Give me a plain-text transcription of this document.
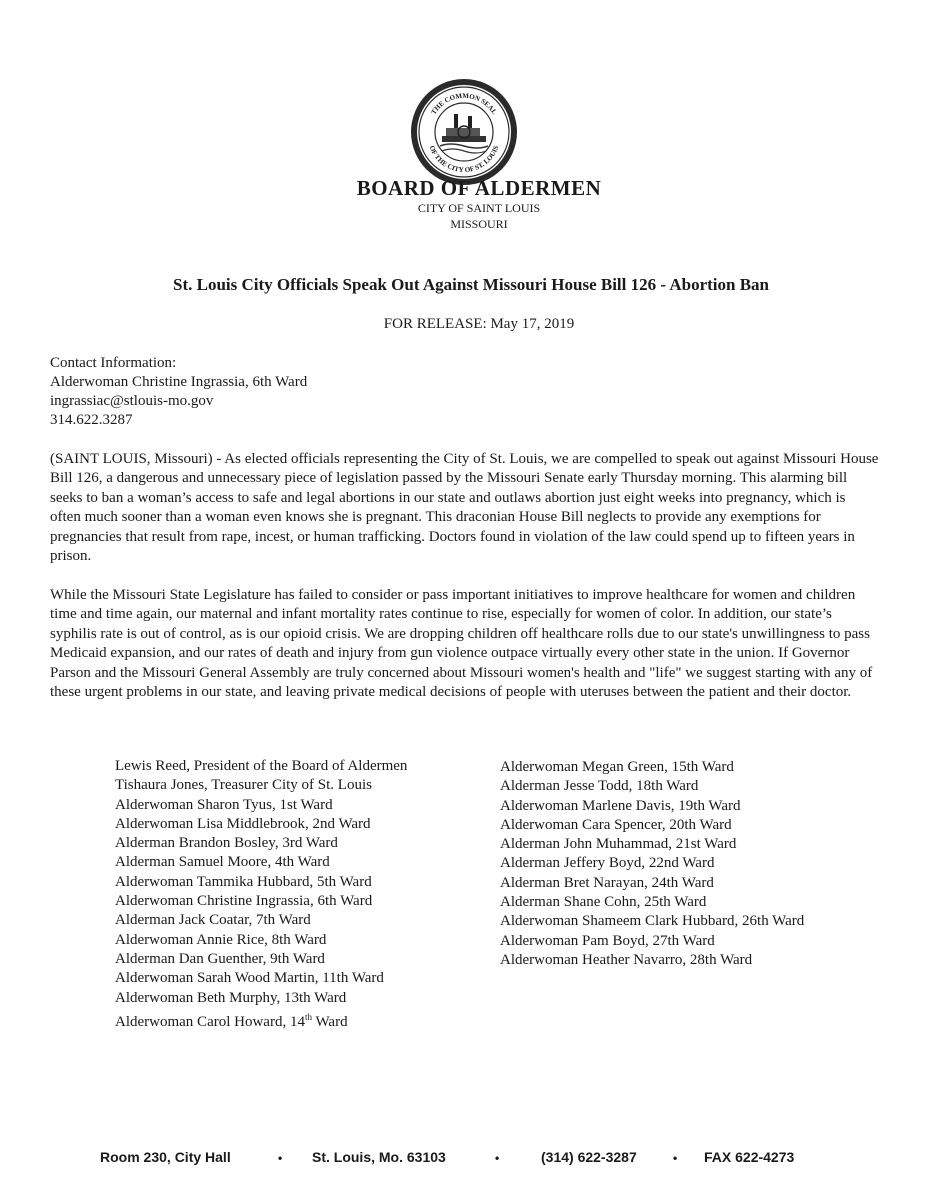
THE COMMON SEAL
OF THE CITY OF ST. LOUIS
BOARD OF ALDERMEN
CITY OF SAINT LOUIS
MISSOURI
St. Louis City Officials Speak Out Against Missouri House Bill 126 - Abortion Ban
FOR RELEASE: May 17, 2019
Contact Information:
Alderwoman Christine Ingrassia, 6th Ward
ingrassiac@stlouis-mo.gov
314.622.3287
(SAINT LOUIS, Missouri) - As elected officials representing the City of St. Louis, we are compelled to speak out against Missouri House Bill 126, a dangerous and unnecessary piece of legislation passed by the Missouri Senate early Thursday morning. This alarming bill seeks to ban a woman’s access to safe and legal abortions in our state and outlaws abortion just eight weeks into pregnancy, which is often much sooner than a woman even knows she is pregnant. This draconian House Bill neglects to provide any exemptions for pregnancies that result from rape, incest, or human trafficking. Doctors found in violation of the law could spend up to fifteen years in prison.
While the Missouri State Legislature has failed to consider or pass important initiatives to improve healthcare for women and children time and time again, our maternal and infant mortality rates continue to rise, especially for women of color. In addition, our state’s syphilis rate is out of control, as is our opioid crisis. We are dropping children off healthcare rolls due to our state's unwillingness to pass Medicaid expansion, and our rates of death and injury from gun violence outpace virtually every other state in the union. If Governor Parson and the Missouri General Assembly are truly concerned about Missouri women's health and "life" we suggest starting with any of these urgent problems in our state, and leaving private medical decisions of people with uteruses between the patient and their doctor.
Lewis Reed, President of the Board of Aldermen
Tishaura Jones, Treasurer City of St. Louis
Alderwoman Sharon Tyus, 1st Ward
Alderwoman Lisa Middlebrook, 2nd Ward
Alderman Brandon Bosley, 3rd Ward
Alderman Samuel Moore, 4th Ward
Alderwoman Tammika Hubbard, 5th Ward
Alderwoman Christine Ingrassia, 6th Ward
Alderman Jack Coatar, 7th Ward
Alderwoman Annie Rice, 8th Ward
Alderman Dan Guenther, 9th Ward
Alderwoman Sarah Wood Martin, 11th Ward
Alderwoman Beth Murphy, 13th Ward
Alderwoman Carol Howard, 14th Ward
Alderwoman Megan Green, 15th Ward
Alderman Jesse Todd, 18th Ward
Alderwoman Marlene Davis, 19th Ward
Alderwoman Cara Spencer, 20th Ward
Alderman John Muhammad, 21st Ward
Alderman Jeffery Boyd, 22nd Ward
Alderman Bret Narayan, 24th Ward
Alderman Shane Cohn, 25th Ward
Alderwoman Shameem Clark Hubbard, 26th Ward
Alderwoman Pam Boyd, 27th Ward
Alderwoman Heather Navarro, 28th Ward
Room 230, City Hall	• St. Louis, Mo. 63103	•	(314) 622-3287	• FAX 622-4273
